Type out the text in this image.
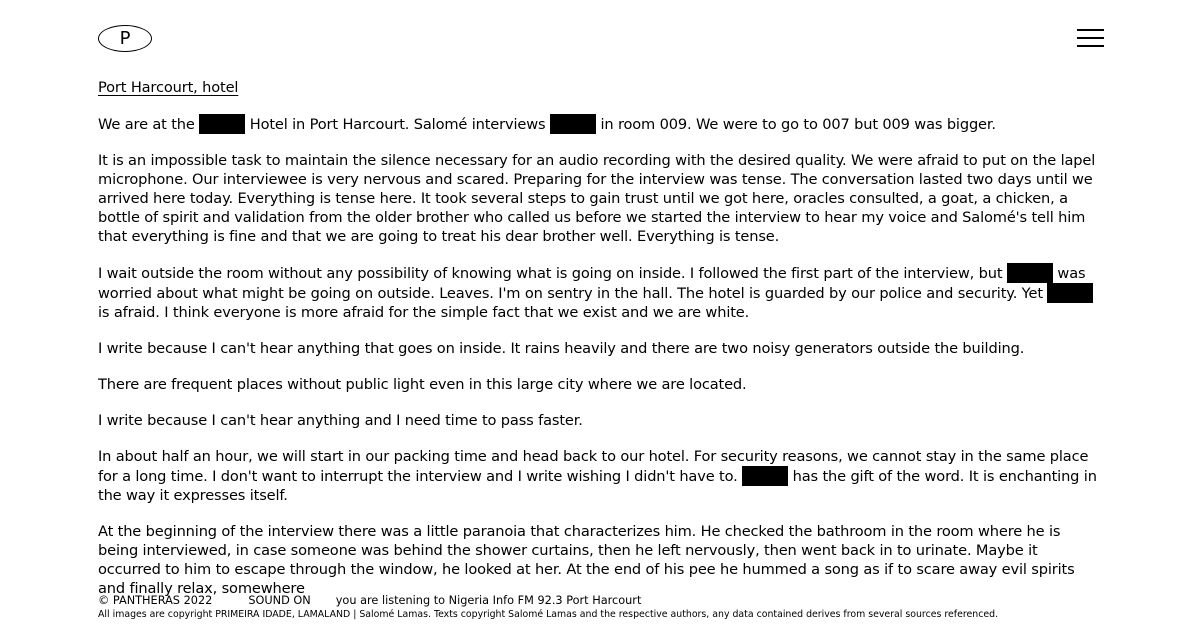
P
Port Harcourt, hotel

We are at the	Hotel in Port Harcourt. Salomé interviews	in room 009. We were to go to 007 but 009 was bigger.

It is an impossible task to maintain the silence necessary for an audio recording with the desired quality. We were afraid to put on the lapel microphone. Our interviewee is very nervous and scared. Preparing for the interview was tense. The conversation lasted two days until we arrived here today. Everything is tense here. It took several steps to gain trust until we got here, oracles consulted, a goat, a chicken, a bottle of spirit and validation from the older brother who called us before we started the interview to hear my voice and Salomé's tell him that everything is fine and that we are going to treat his dear brother well. Everything is tense.

I wait outside the room without any possibility of knowing what is going on inside. I followed the first part of the interview, but	was worried about what might be going on outside. Leaves. I'm on sentry in the hall. The hotel is guarded by our police and security. Yet  is afraid. I think everyone is more afraid for the simple fact that we exist and we are white.

I write because I can't hear anything that goes on inside. It rains heavily and there are two noisy generators outside the building.

There are frequent places without public light even in this large city where we are located.

I write because I can't hear anything and I need time to pass faster.

In about half an hour, we will start in our packing time and head back to our hotel. For security reasons, we cannot stay in the same place for a long time. I don't want to interrupt the interview and I write wishing I didn't have to.	has the gift of the word. It is enchanting in the way it expresses itself.

At the beginning of the interview there was a little paranoia that characterizes him. He checked the bathroom in the room where he is being interviewed, in case someone was behind the shower curtains, then he left nervously, then went back in to urinate. Maybe it occurred to him to escape through the window, he looked at her. At the end of his pee he hummed a song as if to scare away evil spirits and finally relax, somewhere

© PANTHERAS 2022	SOUND ON you are listening to Nigeria Info FM 92.3 Port Harcourt
All images are copyright PRIMEIRA IDADE, LAMALAND | Salomé Lamas. Texts copyright Salomé Lamas and the respective authors, any data contained derives from several sources referenced.
